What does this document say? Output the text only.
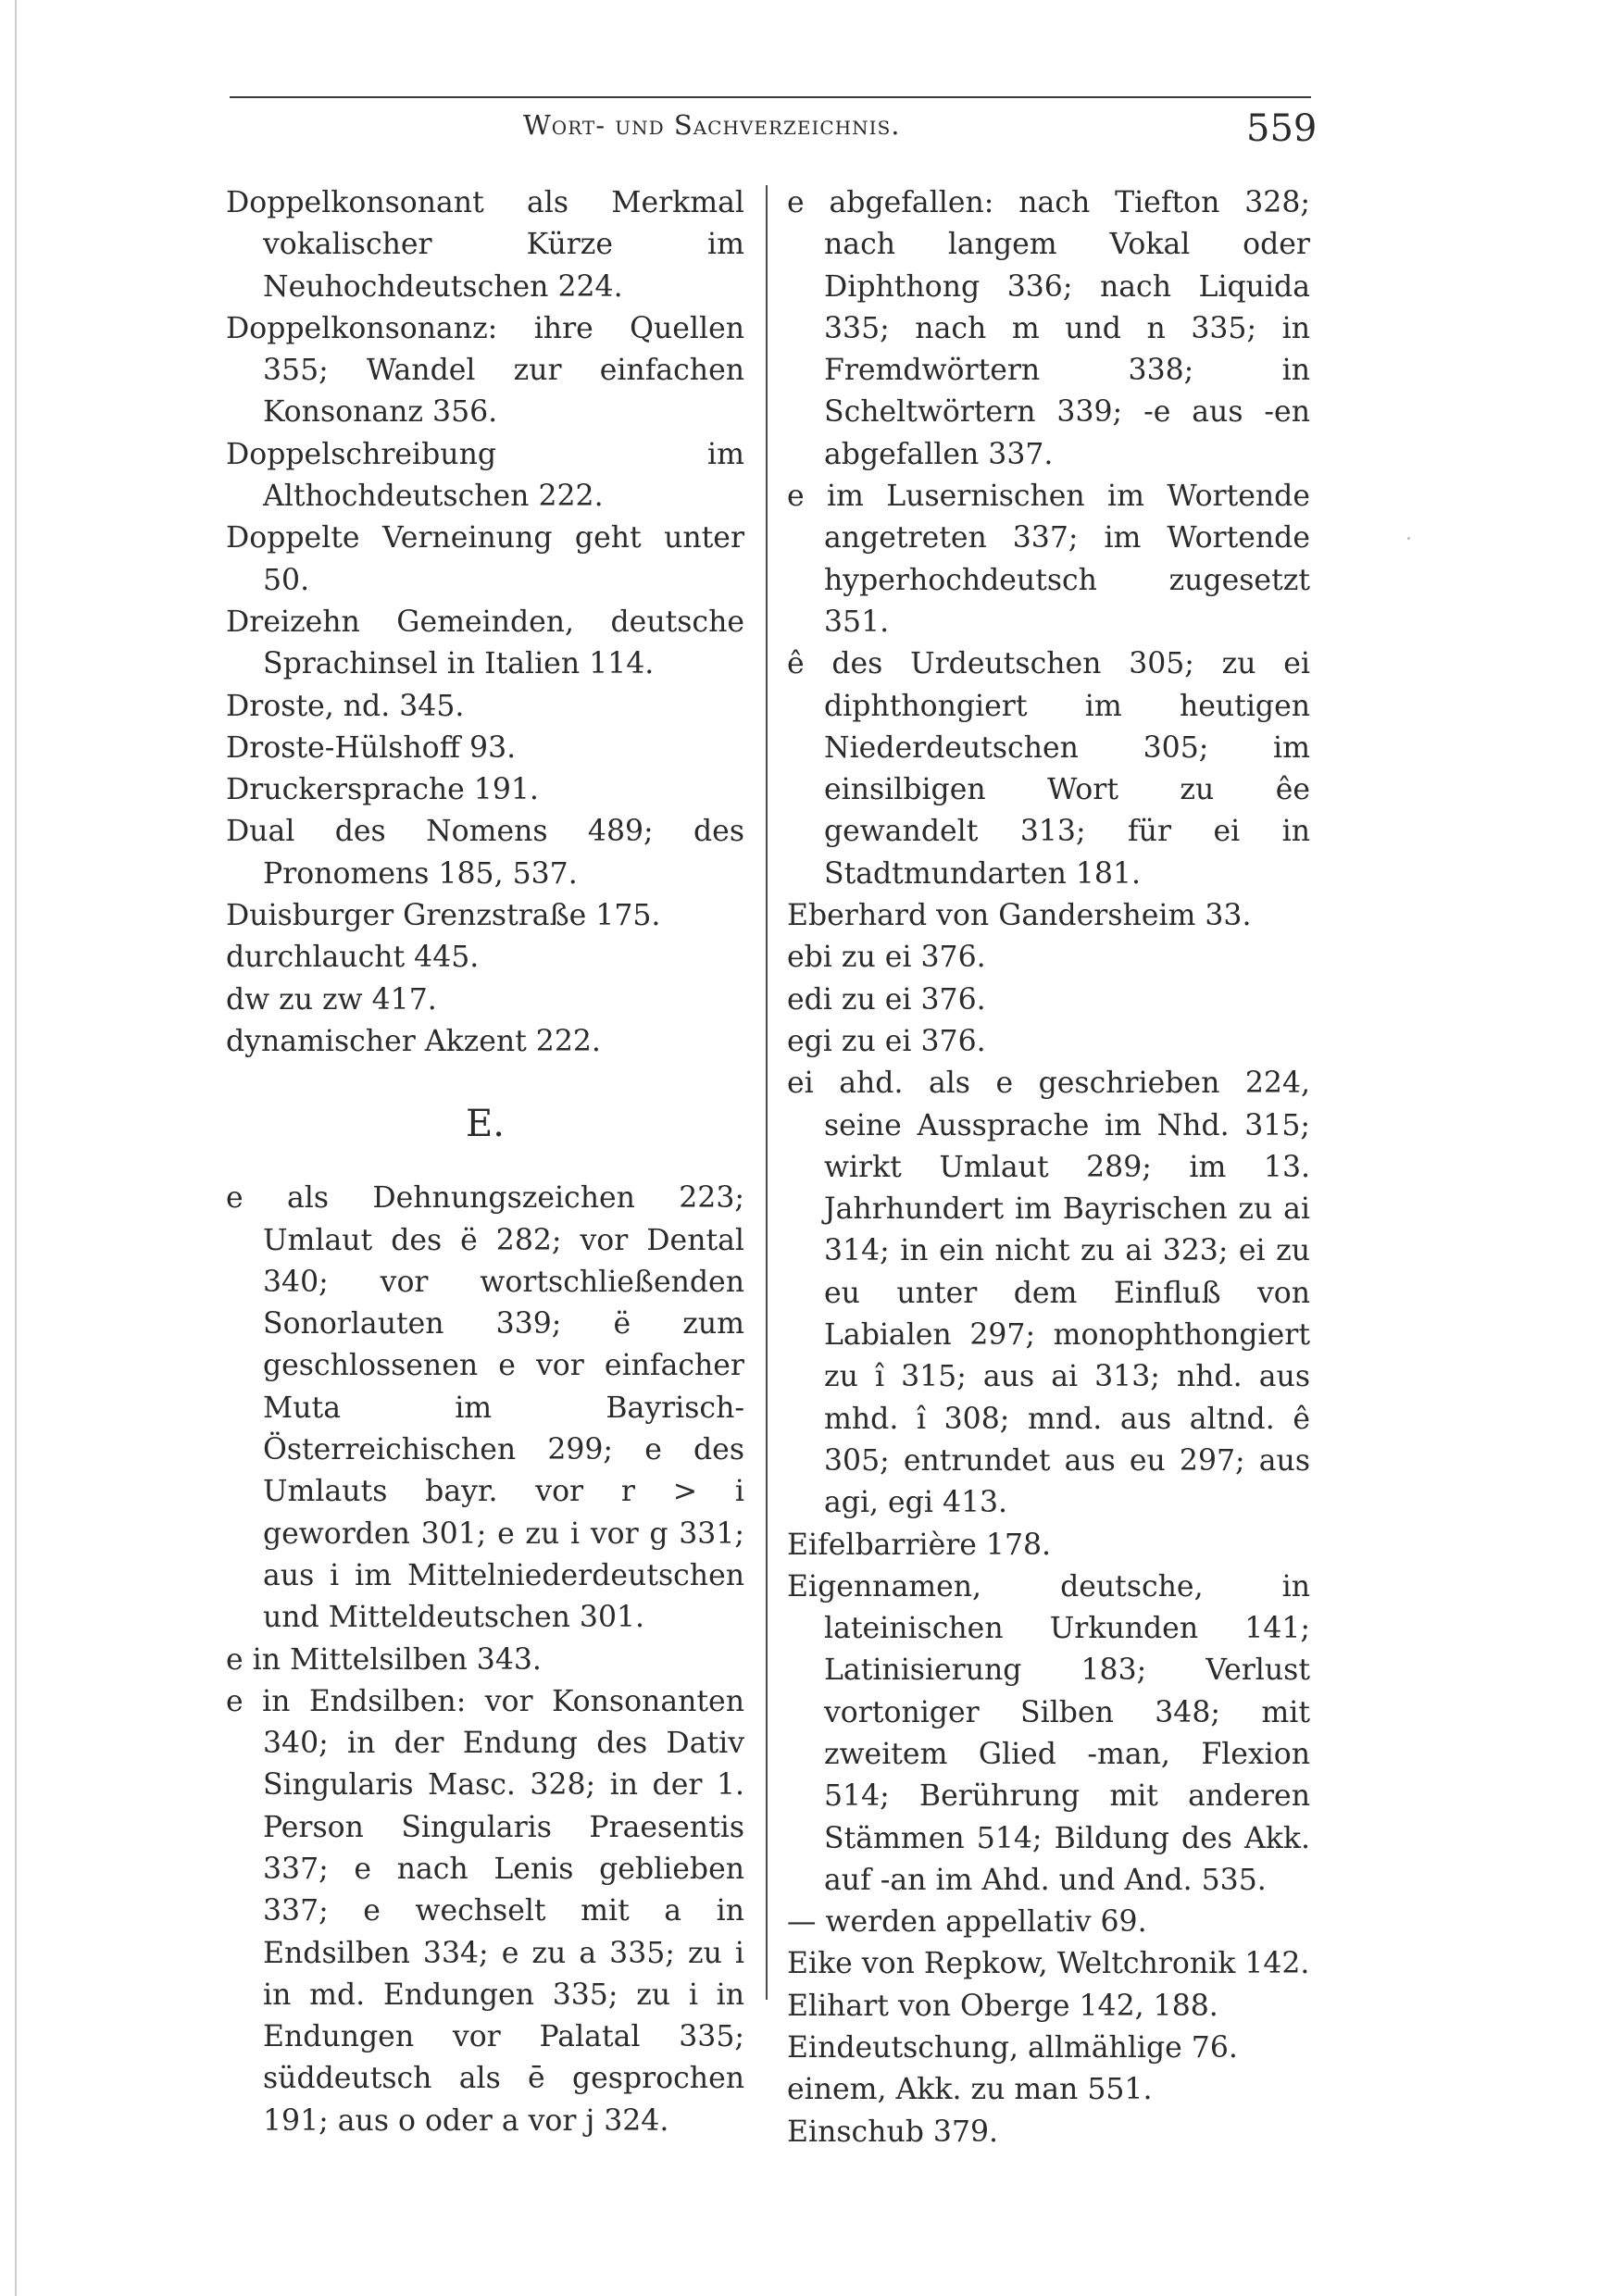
Wort- und Sachverzeichnis.	559

Doppelkonsonant als Merkmal vokalischer Kürze im Neuhochdeutschen 224.

Doppelkonsonanz: ihre Quellen 355; Wandel zur einfachen Konsonanz 356.

Doppelschreibung im Althochdeutschen 222.

Doppelte Verneinung geht unter 50.

Dreizehn Gemeinden, deutsche Sprachinsel in Italien 114.

Droste, nd. 345.

Droste-Hülshoff 93.

Druckersprache 191.

Dual des Nomens 489; des Pronomens 185, 537.

Duisburger Grenzstraße 175.

durchlaucht 445.

dw zu zw 417.

dynamischer Akzent 222.

E.

e als Dehnungszeichen 223; Umlaut des ë 282; vor Dental 340; vor wortschließenden Sonorlauten 339; ë zum geschlossenen e vor einfacher Muta im Bayrisch-Österreichischen 299; e des Umlauts bayr. vor r > i geworden 301; e zu i vor g 331; aus i im Mittelniederdeutschen und Mitteldeutschen 301.

e in Mittelsilben 343.

e in Endsilben: vor Konsonanten 340; in der Endung des Dativ Singularis Masc. 328; in der 1. Person Singularis Praesentis 337; e nach Lenis geblieben 337; e wechselt mit a in Endsilben 334; e zu a 335; zu i in md. Endungen 335; zu i in Endungen vor Palatal 335; süddeutsch als ē gesprochen 191; aus o oder a vor j 324.

e abgefallen: nach Tiefton 328; nach langem Vokal oder Diphthong 336; nach Liquida 335; nach m und n 335; in Fremdwörtern 338; in Scheltwörtern 339; -e aus -en abgefallen 337.

e im Lusernischen im Wortende angetreten 337; im Wortende hyperhochdeutsch zugesetzt 351.

ê des Urdeutschen 305; zu ei diphthongiert im heutigen Niederdeutschen 305; im einsilbigen Wort zu êe gewandelt 313; für ei in Stadtmundarten 181.

Eberhard von Gandersheim 33.

ebi zu ei 376.

edi zu ei 376.

egi zu ei 376.

ei ahd. als e geschrieben 224, seine Aussprache im Nhd. 315; wirkt Umlaut 289; im 13. Jahrhundert im Bayrischen zu ai 314; in ein nicht zu ai 323; ei zu eu unter dem Einfluß von Labialen 297; monophthongiert zu î 315; aus ai 313; nhd. aus mhd. î 308; mnd. aus altnd. ê 305; entrundet aus eu 297; aus agi, egi 413.

Eifelbarrière 178.

Eigennamen, deutsche, in lateinischen Urkunden 141; Latinisierung 183; Verlust vortoniger Silben 348; mit zweitem Glied -man, Flexion 514; Berührung mit anderen Stämmen 514; Bildung des Akk. auf -an im Ahd. und And. 535.

— werden appellativ 69.

Eike von Repkow, Weltchronik 142.

Elihart von Oberge 142, 188.

Eindeutschung, allmählige 76.

einem, Akk. zu man 551.

Einschub 379.
